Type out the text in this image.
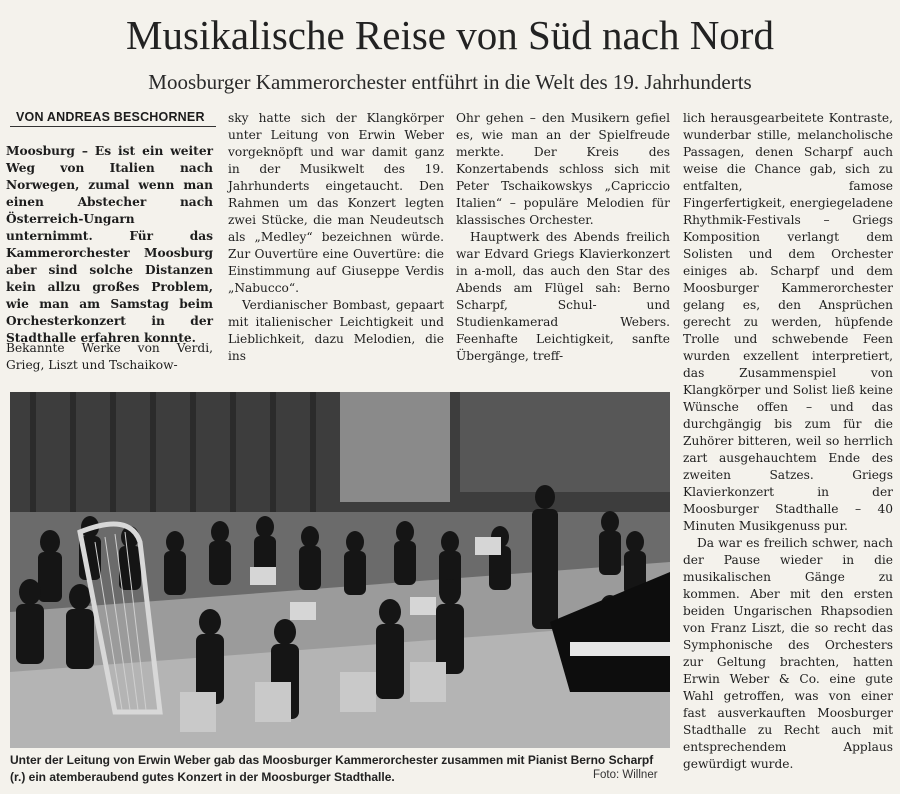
Musikalische Reise von Süd nach Nord
Moosburger Kammerorchester entführt in die Welt des 19. Jahrhunderts
VON ANDREAS BESCHORNER

Moosburg – Es ist ein weiter Weg von Italien nach Norwegen, zumal wenn man einen Abstecher nach Österreich-Ungarn unternimmt. Für das Kammerorchester Moosburg aber sind solche Distanzen kein allzu großes Problem, wie man am Samstag beim Orchesterkonzert in der Stadthalle erfahren konnte.

Bekannte Werke von Verdi, Grieg, Liszt und Tschaikow-

sky hatte sich der Klangkörper unter Leitung von Erwin Weber vorgeknöpft und war damit ganz in der Musikwelt des 19. Jahrhunderts eingetaucht. Den Rahmen um das Konzert legten zwei Stücke, die man Neudeutsch als „Medley“ bezeichnen würde. Zur Ouvertüre eine Ouvertüre: die Einstimmung auf Giuseppe Verdis „Nabucco“.

Verdianischer Bombast, gepaart mit italienischer Leichtigkeit und Lieblichkeit, dazu Melodien, die ins

Ohr gehen – den Musikern gefiel es, wie man an der Spielfreude merkte. Der Kreis des Konzertabends schloss sich mit Peter Tschaikowskys „Capriccio Italien“ – populäre Melodien für klassisches Orchester.

Hauptwerk des Abends freilich war Edvard Griegs Klavierkonzert in a-moll, das auch den Star des Abends am Flügel sah: Berno Scharpf, Schul- und Studienkamerad Webers. Feenhafte Leichtigkeit, sanfte Übergänge, treff-

lich herausgearbeitete Kontraste, wunderbar stille, melancholische Passagen, denen Scharpf auch weise die Chance gab, sich zu entfalten, famose Fingerfertigkeit, energiegeladene Rhythmik-Festivals – Griegs Komposition verlangt dem Solisten und dem Orchester einiges ab. Scharpf und dem Moosburger Kammerorchester gelang es, den Ansprüchen gerecht zu werden, hüpfende Trolle und schwebende Feen wurden exzellent interpretiert, das Zusammenspiel von Klangkörper und Solist ließ keine Wünsche offen – und das durchgängig bis zum für die Zuhörer bitteren, weil so herrlich zart ausgehauchtem Ende des zweiten Satzes. Griegs Klavierkonzert in der Moosburger Stadthalle – 40 Minuten Musikgenuss pur.

Da war es freilich schwer, nach der Pause wieder in die musikalischen Gänge zu kommen. Aber mit den ersten beiden Ungarischen Rhapsodien von Franz Liszt, die so recht das Symphonische des Orchesters zur Geltung brachten, hatten Erwin Weber & Co. eine gute Wahl getroffen, was von einer fast ausverkauften Moosburger Stadthalle zu Recht auch mit entsprechendem Applaus gewürdigt wurde.

Unter der Leitung von Erwin Weber gab das Moosburger Kammerorchester zusammen mit Pianist Berno Scharpf (r.) ein atemberaubend gutes Konzert in der Moosburger Stadthalle.	Foto: Willner
